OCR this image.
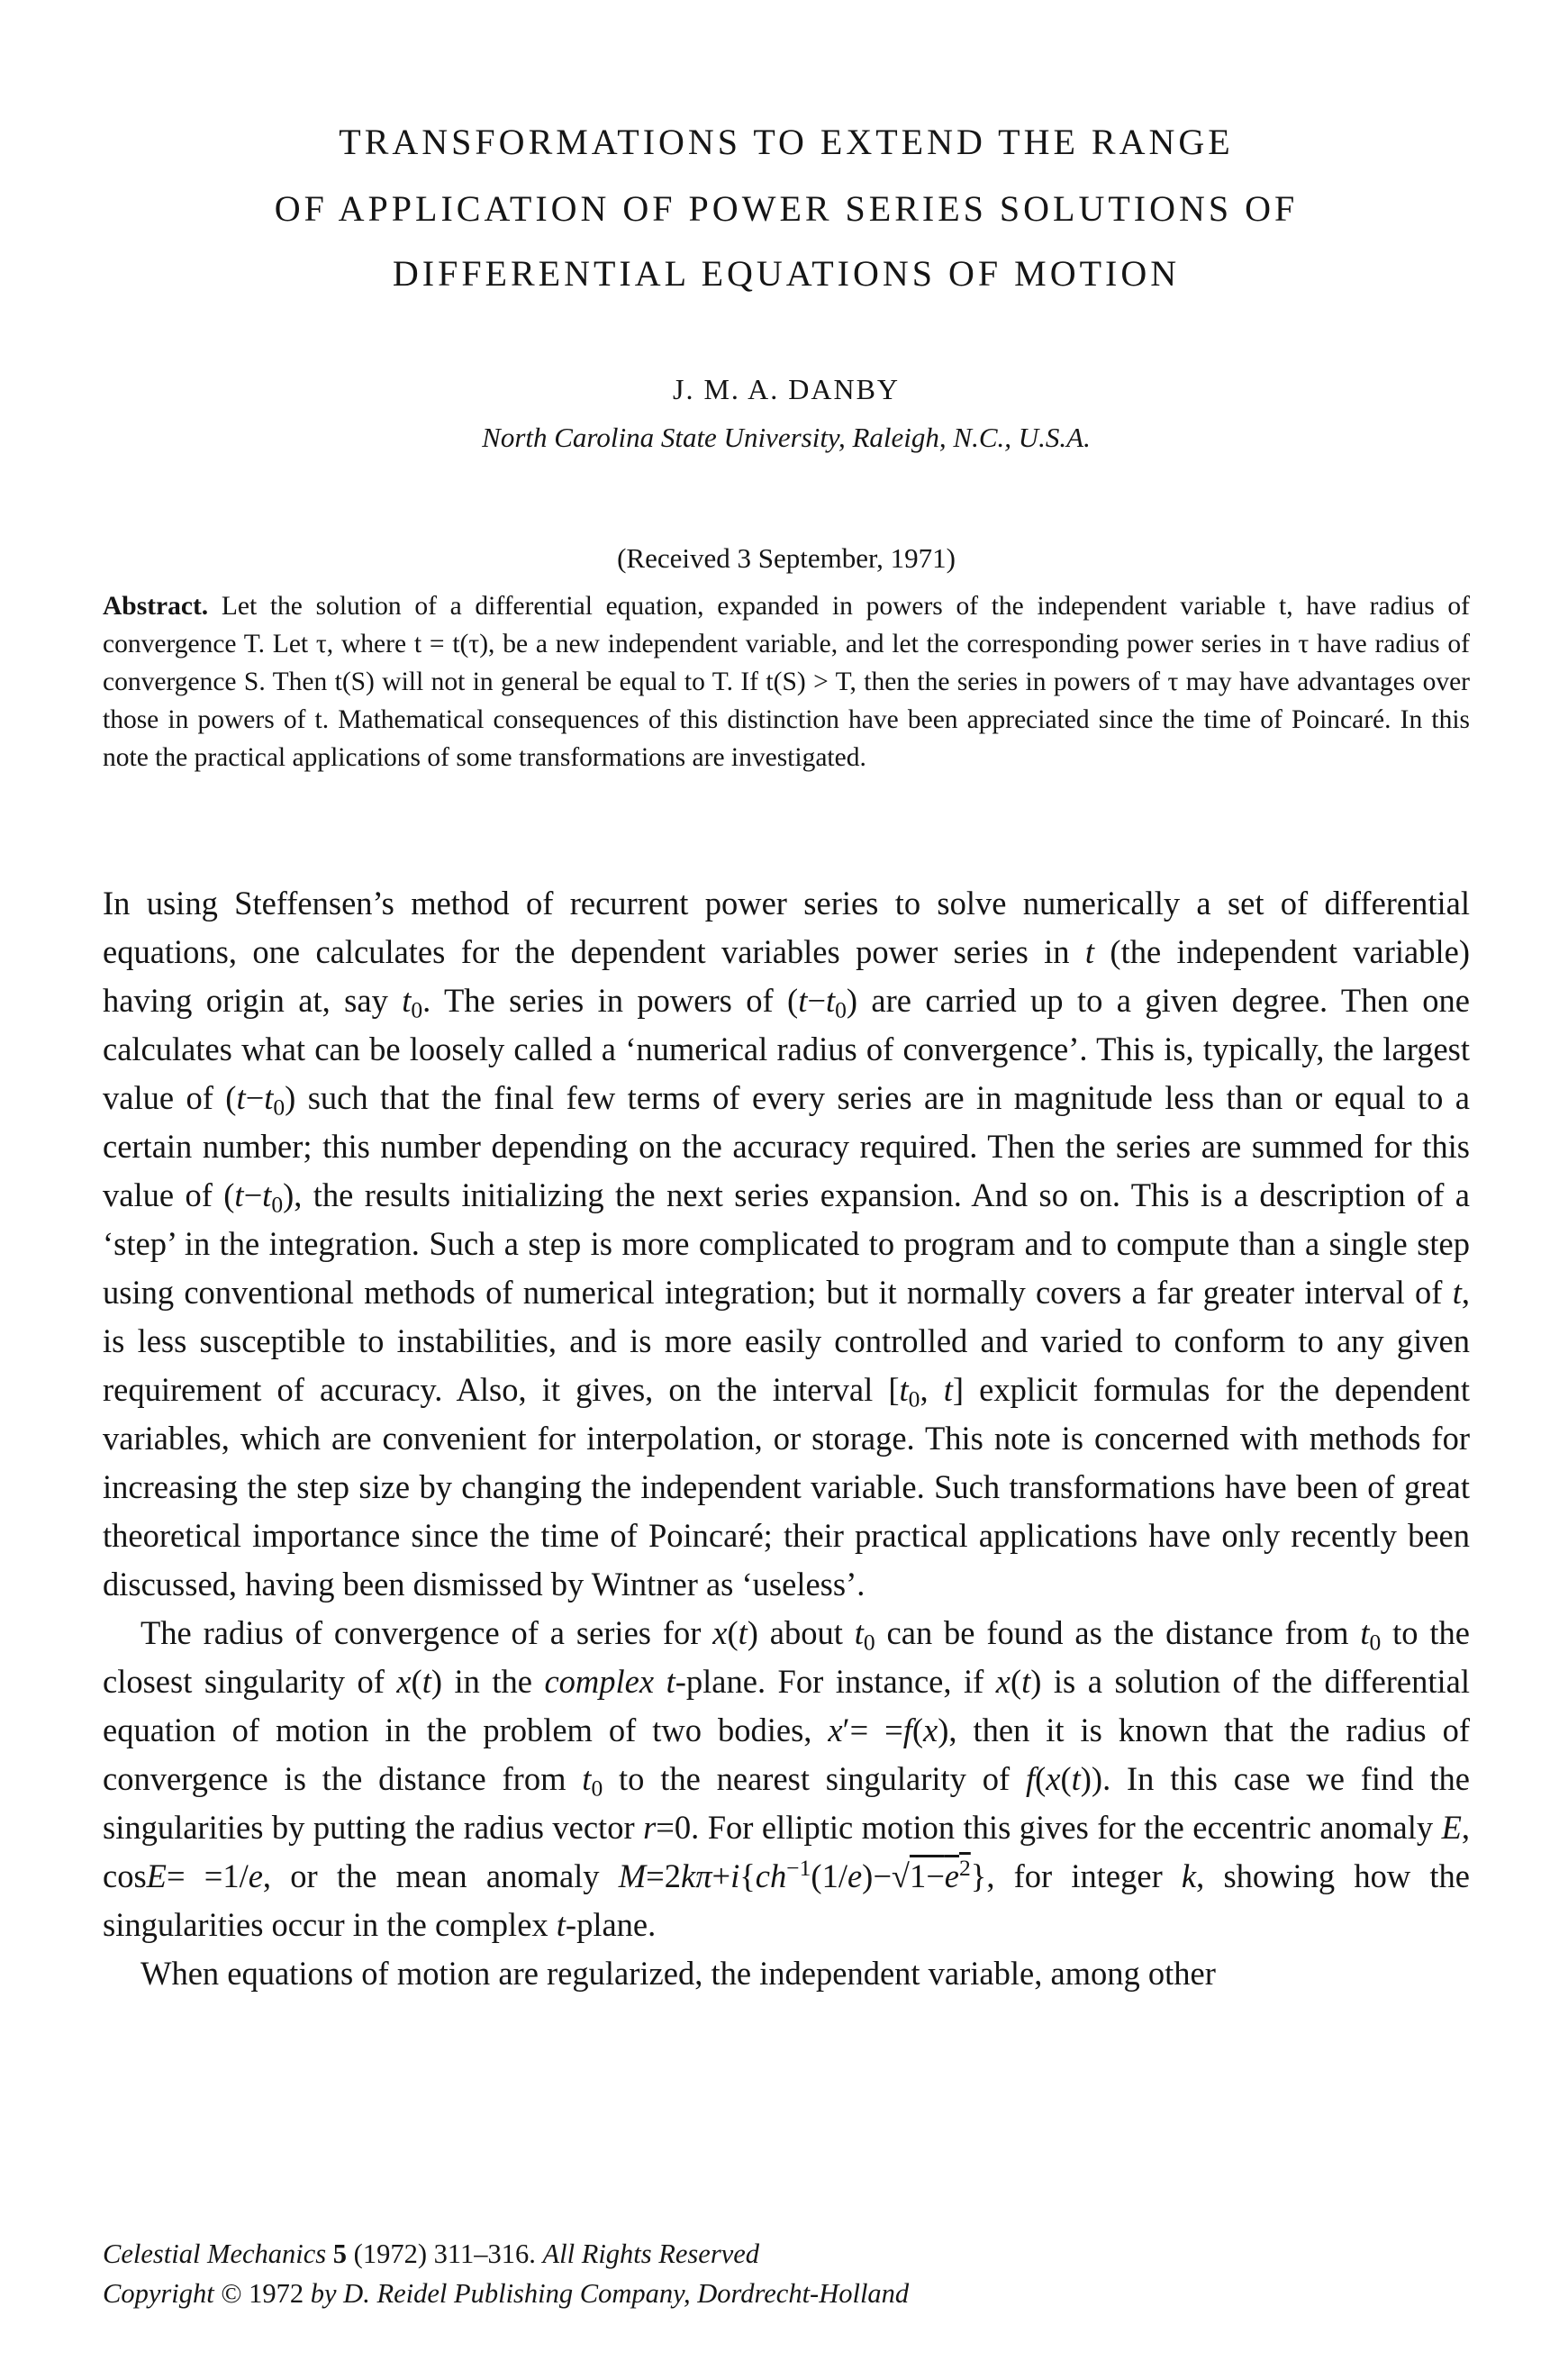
TRANSFORMATIONS TO EXTEND THE RANGE
OF APPLICATION OF POWER SERIES SOLUTIONS OF
DIFFERENTIAL EQUATIONS OF MOTION
J. M. A. DANBY
North Carolina State University, Raleigh, N.C., U.S.A.
(Received 3 September, 1971)
Abstract. Let the solution of a differential equation, expanded in powers of the independent variable t, have radius of convergence T. Let τ, where t = t(τ), be a new independent variable, and let the corresponding power series in τ have radius of convergence S. Then t(S) will not in general be equal to T. If t(S) > T, then the series in powers of τ may have advantages over those in powers of t. Mathematical consequences of this distinction have been appreciated since the time of Poincaré. In this note the practical applications of some transformations are investigated.

In using Steffensen’s method of recurrent power series to solve numerically a set of differential equations, one calculates for the dependent variables power series in t (the independent variable) having origin at, say $t_0$. The series in powers of $(t-t_0)$ are carried up to a given degree. Then one calculates what can be loosely called a ‘numerical radius of convergence’. This is, typically, the largest value of $(t-t_0)$ such that the final few terms of every series are in magnitude less than or equal to a certain number; this number depending on the accuracy required. Then the series are summed for this value of $(t-t_0)$, the results initializing the next series expansion. And so on. This is a description of a ‘step’ in the integration. Such a step is more complicated to program and to compute than a single step using conventional methods of numerical integration; but it normally covers a far greater interval of t, is less susceptible to instabilities, and is more easily controlled and varied to conform to any given requirement of accuracy. Also, it gives, on the interval [$t_0$, t] explicit formulas for the dependent variables, which are convenient for interpolation, or storage. This note is concerned with methods for increasing the step size by changing the independent variable. Such transformations have been of great theoretical importance since the time of Poincaré; their practical applications have only recently been discussed, having been dismissed by Wintner as ‘useless’.

The radius of convergence of a series for x(t) about $t_0$ can be found as the distance from $t_0$ to the closest singularity of x(t) in the complex t-plane. For instance, if x(t) is a solution of the differential equation of motion in the problem of two bodies, x′= =f(x), then it is known that the radius of convergence is the distance from $t_0$ to the nearest singularity of f(x(t)). In this case we find the singularities by putting the radius vector r=0. For elliptic motion this gives for the eccentric anomaly E, cosE= =1/e, or the mean anomaly $M=2k\pi+i\{ch^{-1}(1/e)-√1-e^2\}$, for integer k, showing how the singularities occur in the complex t-plane.

When equations of motion are regularized, the independent variable, among other

Celestial Mechanics 5 (1972) 311–316. All Rights Reserved
Copyright © 1972 by D. Reidel Publishing Company, Dordrecht-Holland
